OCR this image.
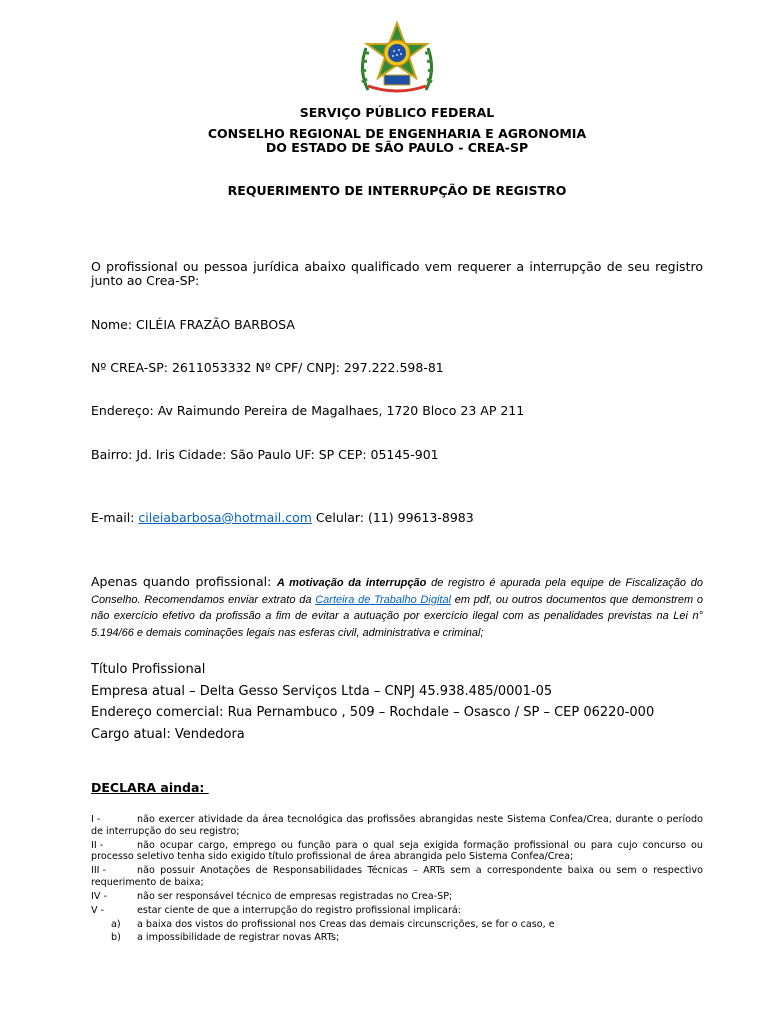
SERVIÇO PÚBLICO FEDERAL
CONSELHO REGIONAL DE ENGENHARIA E AGRONOMIA
DO ESTADO DE SÃO PAULO - CREA-SP
REQUERIMENTO DE INTERRUPÇÃO DE REGISTRO
O profissional ou pessoa jurídica abaixo qualificado vem requerer a interrupção de seu registro junto ao Crea-SP:
Nome: CILÉIA FRAZÃO BARBOSA
Nº CREA-SP: 2611053332 Nº CPF/ CNPJ: 297.222.598-81
Endereço: Av Raimundo Pereira de Magalhaes, 1720 Bloco 23 AP 211
Bairro: Jd. Iris Cidade: São Paulo UF: SP CEP: 05145-901
E-mail: cileiabarbosa@hotmail.com Celular: (11) 99613-8983
Apenas quando profissional: A motivação da interrupção de registro é apurada pela equipe de Fiscalização do Conselho. Recomendamos enviar extrato da Carteira de Trabalho Digital em pdf, ou outros documentos que demonstrem o não exercício efetivo da profissão a fim de evitar a autuação por exercício ilegal com as penalidades previstas na Lei n° 5.194/66 e demais cominações legais nas esferas civil, administrativa e criminal;
Título Profissional
Empresa atual – Delta Gesso Serviços Ltda – CNPJ 45.938.485/0001-05
Endereço comercial: Rua Pernambuco , 509 – Rochdale – Osasco / SP – CEP 06220-000
Cargo atual: Vendedora
DECLARA ainda:
I -	não exercer atividade da área tecnológica das profissões abrangidas neste Sistema Confea/Crea, durante o período de interrupção do seu registro;
II -	não ocupar cargo, emprego ou função para o qual seja exigida formação profissional ou para cujo concurso ou processo seletivo tenha sido exigido título profissional de área abrangida pelo Sistema Confea/Crea;
III -	não possuir Anotações de Responsabilidades Técnicas – ARTs sem a correspondente baixa ou sem o respectivo requerimento de baixa;
IV -	não ser responsável técnico de empresas registradas no Crea-SP;
V -	estar ciente de que a interrupção do registro profissional implicará:
a) a baixa dos vistos do profissional nos Creas das demais circunscrições, se for o caso, e
b) a impossibilidade de registrar novas ARTs;
